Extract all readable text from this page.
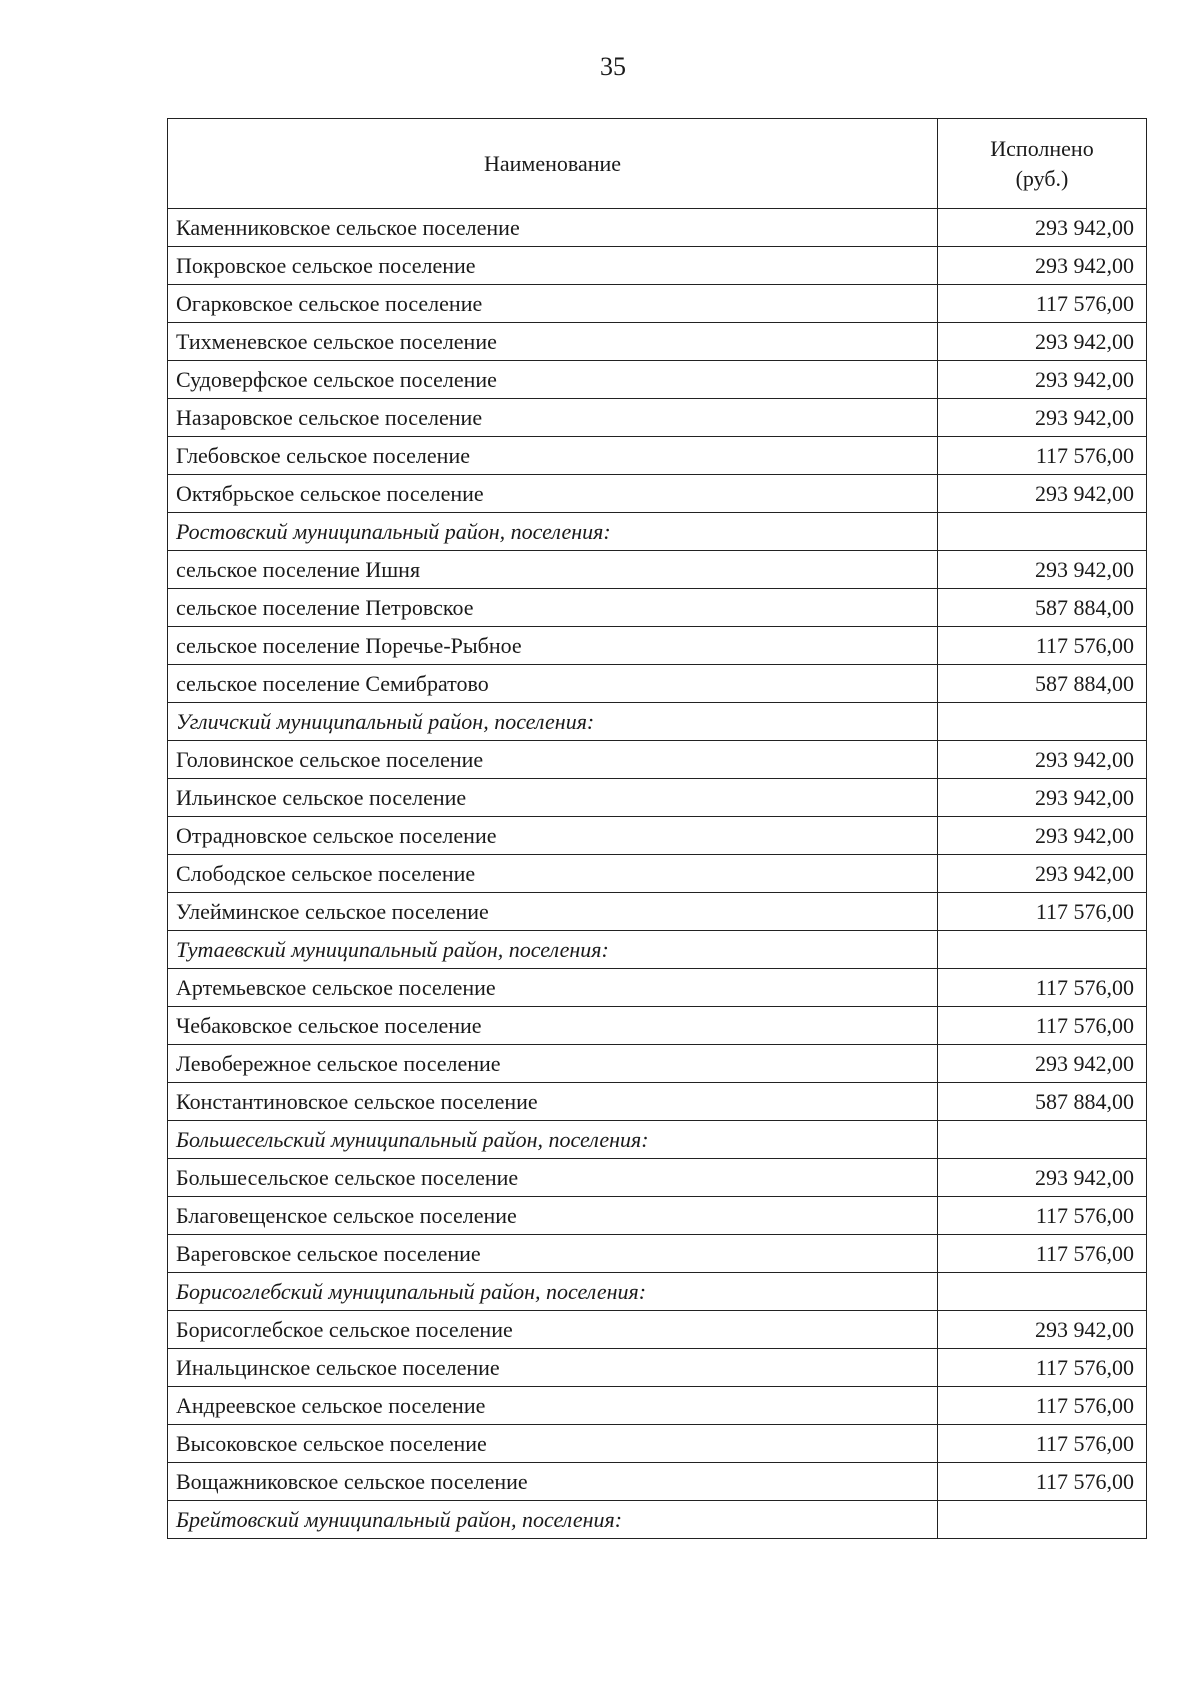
35
Наименование	Исполнено
(руб.)

Каменниковское сельское поселение	293 942,00
Покровское сельское поселение	293 942,00
Огарковское сельское поселение	117 576,00
Тихменевское сельское поселение	293 942,00
Судоверфское сельское поселение	293 942,00
Назаровское сельское поселение	293 942,00
Глебовское сельское поселение	117 576,00
Октябрьское сельское поселение	293 942,00
Ростовский муниципальный район, поселения:	
сельское поселение Ишня	293 942,00
сельское поселение Петровское	587 884,00
сельское поселение Поречье-Рыбное	117 576,00
сельское поселение Семибратово	587 884,00
Угличский муниципальный район, поселения:	
Головинское сельское поселение	293 942,00
Ильинское сельское поселение	293 942,00
Отрадновское сельское поселение	293 942,00
Слободское сельское поселение	293 942,00
Улейминское сельское поселение	117 576,00
Тутаевский муниципальный район, поселения:	
Артемьевское сельское поселение	117 576,00
Чебаковское сельское поселение	117 576,00
Левобережное сельское поселение	293 942,00
Константиновское сельское поселение	587 884,00
Большесельский муниципальный район, поселения:	
Большесельское сельское поселение	293 942,00
Благовещенское сельское поселение	117 576,00
Вареговское сельское поселение	117 576,00
Борисоглебский муниципальный район, поселения:	
Борисоглебское сельское поселение	293 942,00
Инальцинское сельское поселение	117 576,00
Андреевское сельское поселение	117 576,00
Высоковское сельское поселение	117 576,00
Вощажниковское сельское поселение	117 576,00
Брейтовский муниципальный район, поселения:	
